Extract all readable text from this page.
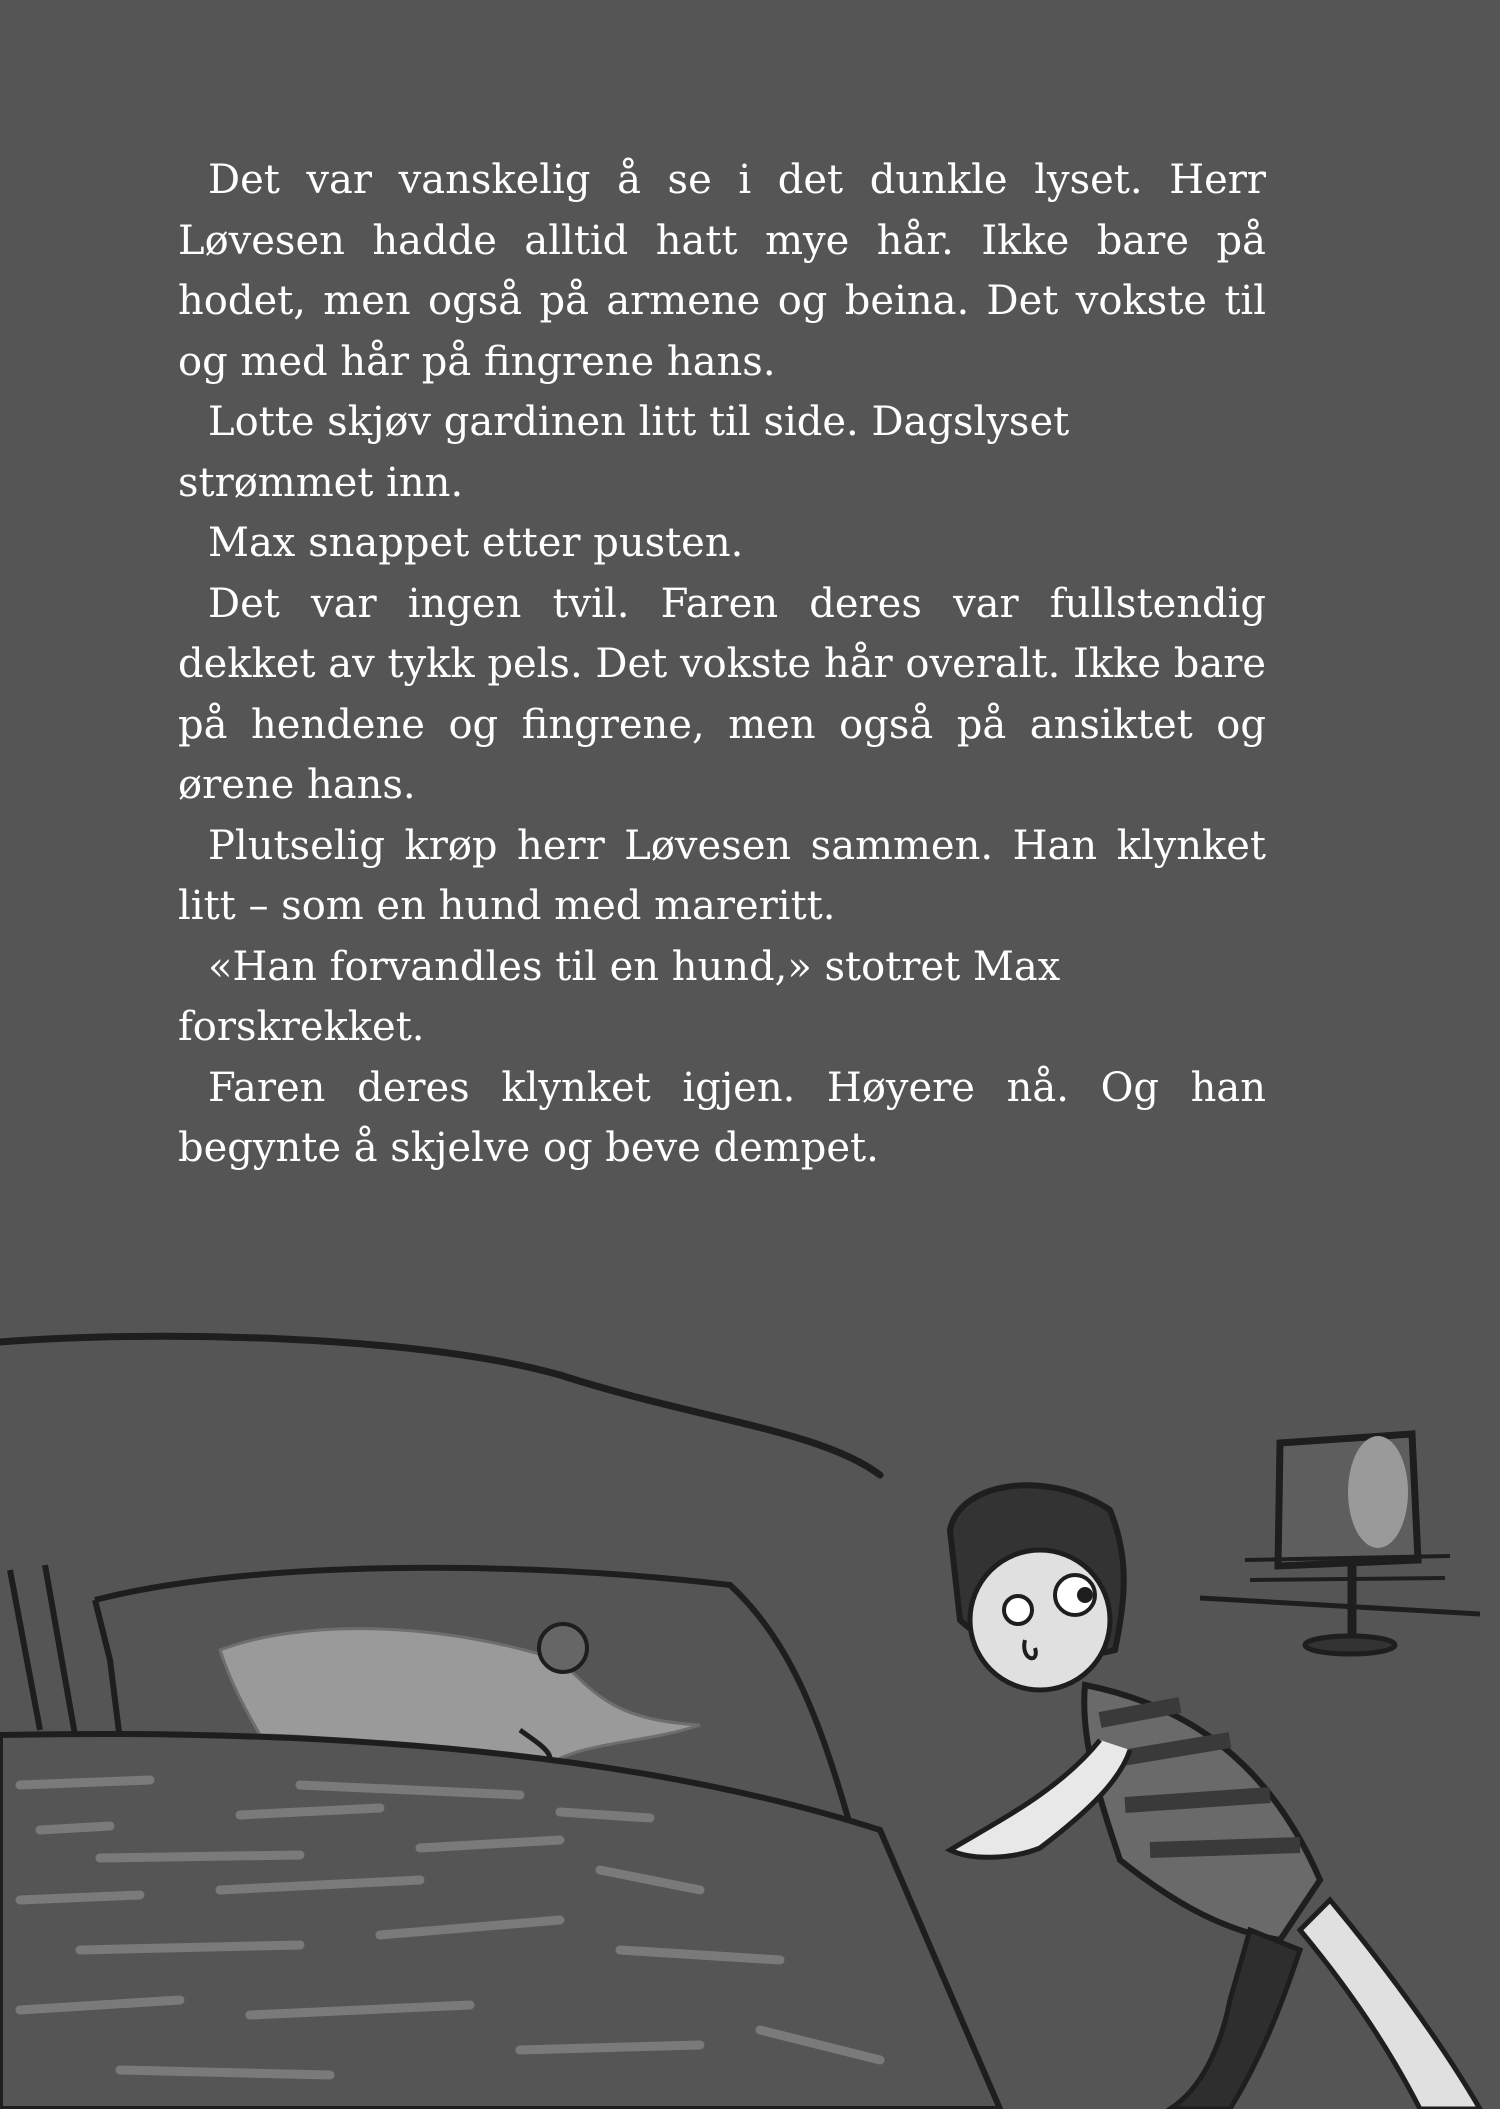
Det var vanskelig å se i det dunkle lyset. Herr Løvesen hadde alltid hatt mye hår. Ikke bare på hodet, men også på armene og beina. Det vokste til og med hår på fingrene hans.

Lotte skjøv gardinen litt til side. Dagslyset strømmet inn.

Max snappet etter pusten.

Det var ingen tvil. Faren deres var fullstendig dekket av tykk pels. Det vokste hår overalt. Ikke bare på hendene og fingrene, men også på ansiktet og ørene hans.

Plutselig krøp herr Løvesen sammen. Han klynket litt – som en hund med mareritt.

«Han forvandles til en hund,» stotret Max forskrekket.

Faren deres klynket igjen. Høyere nå. Og han begynte å skjelve og beve dempet.
